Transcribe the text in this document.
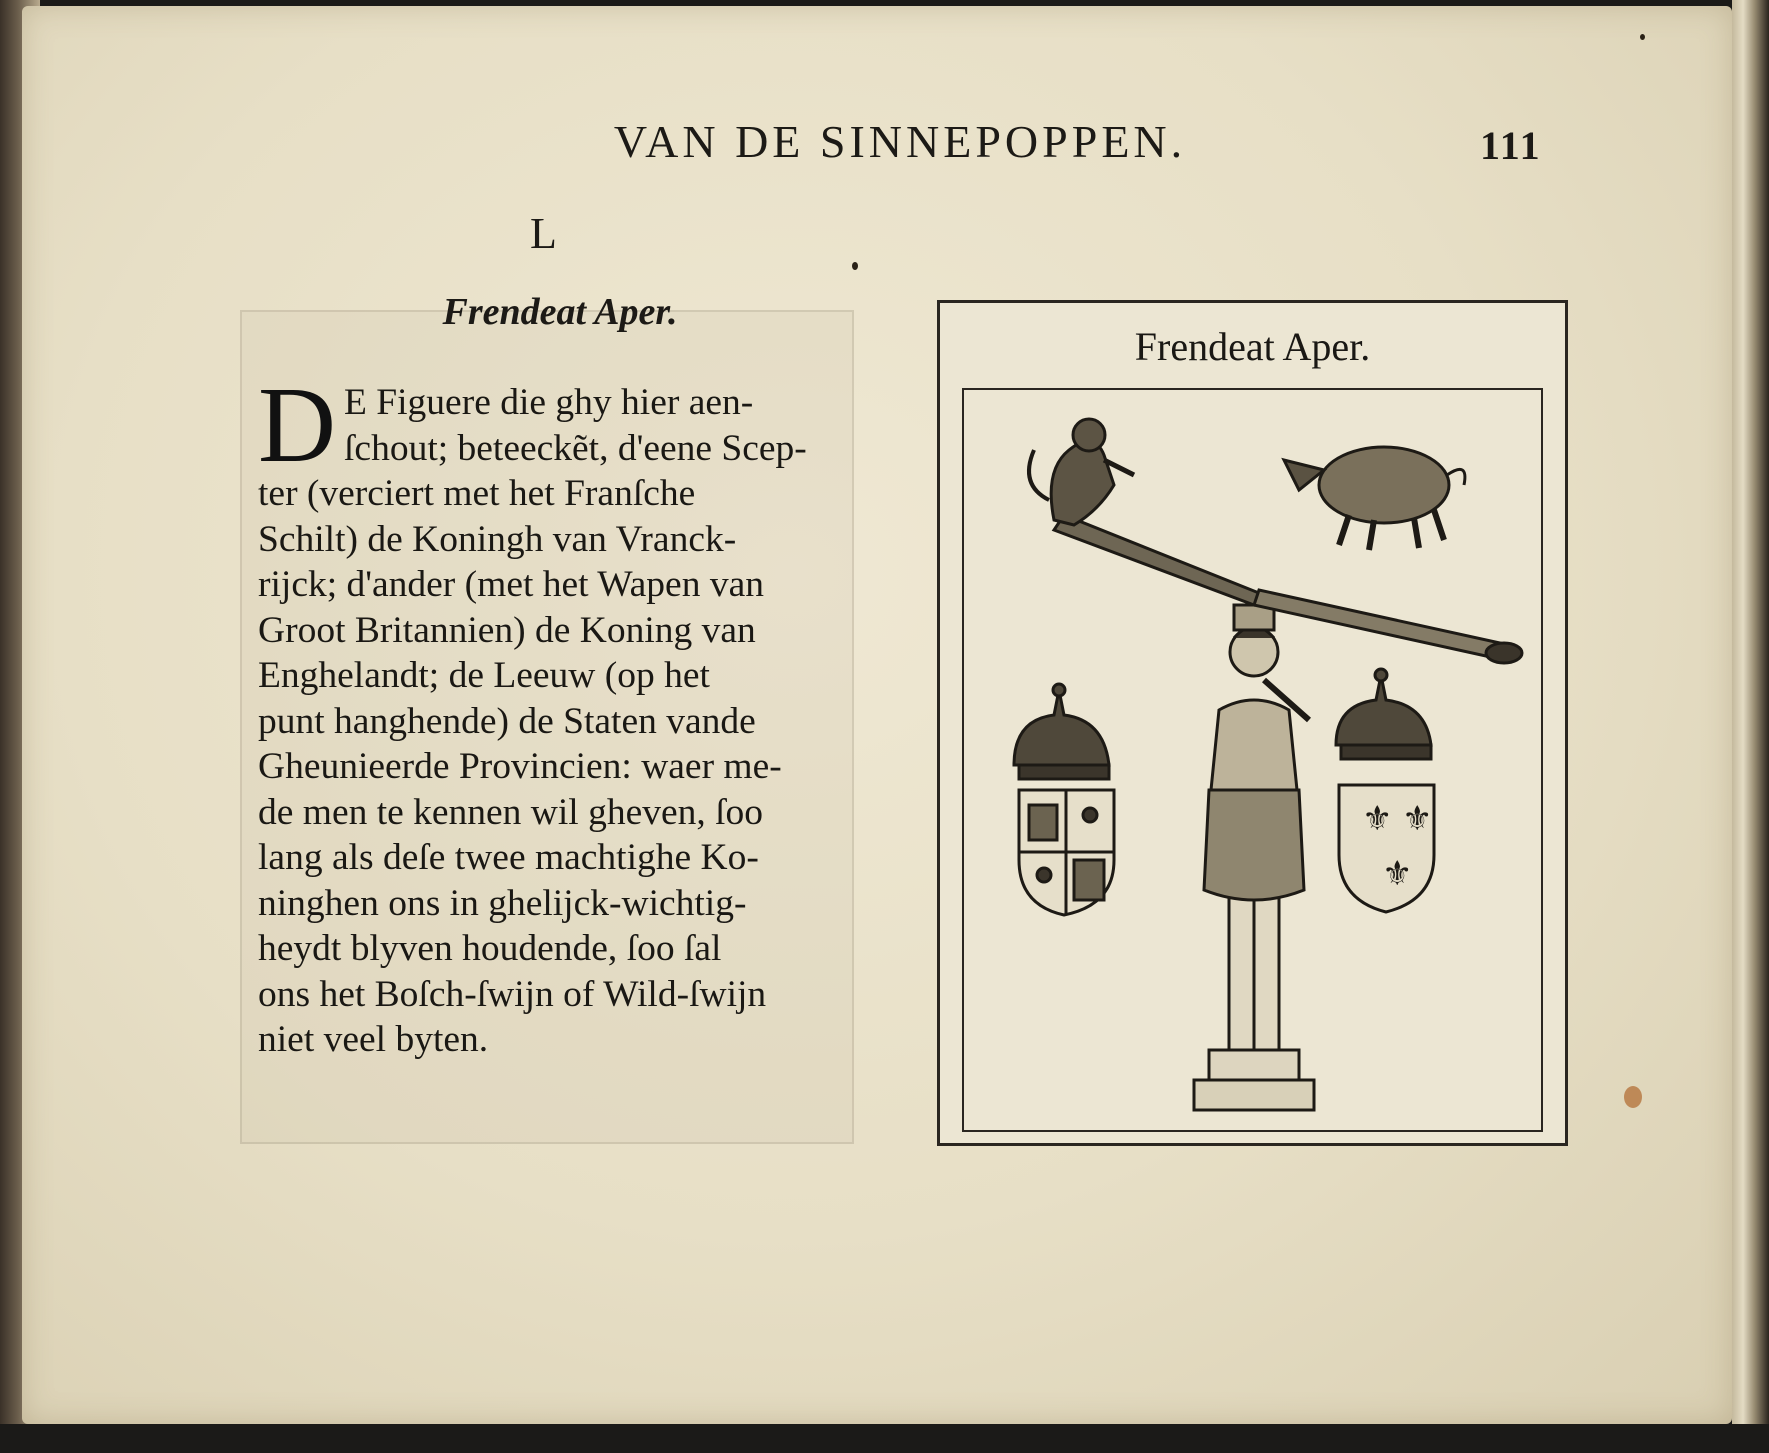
VAN DE SINNEPOPPEN.	111
L
Frendeat Aper.
D E Figuere die ghy hier aen-
ſchout; beteeckẽt, d'eene Scep-
ter (verciert met het Franſche
Schilt) de Koningh van Vranck-
rijck; d'ander (met het Wapen van
Groot Britannien) de Koning van
Enghelandt; de Leeuw (op het
punt hanghende) de Staten vande
Gheunieerde Provincien: waer me-
de men te kennen wil gheven, ſoo
lang als deſe twee machtighe Ko-
ninghen ons in ghelijck-wichtig-
heydt blyven houdende, ſoo ſal
ons het Boſch-ſwijn of Wild-ſwijn
niet veel byten.
Frendeat Aper.
⚜ ⚜
⚜
